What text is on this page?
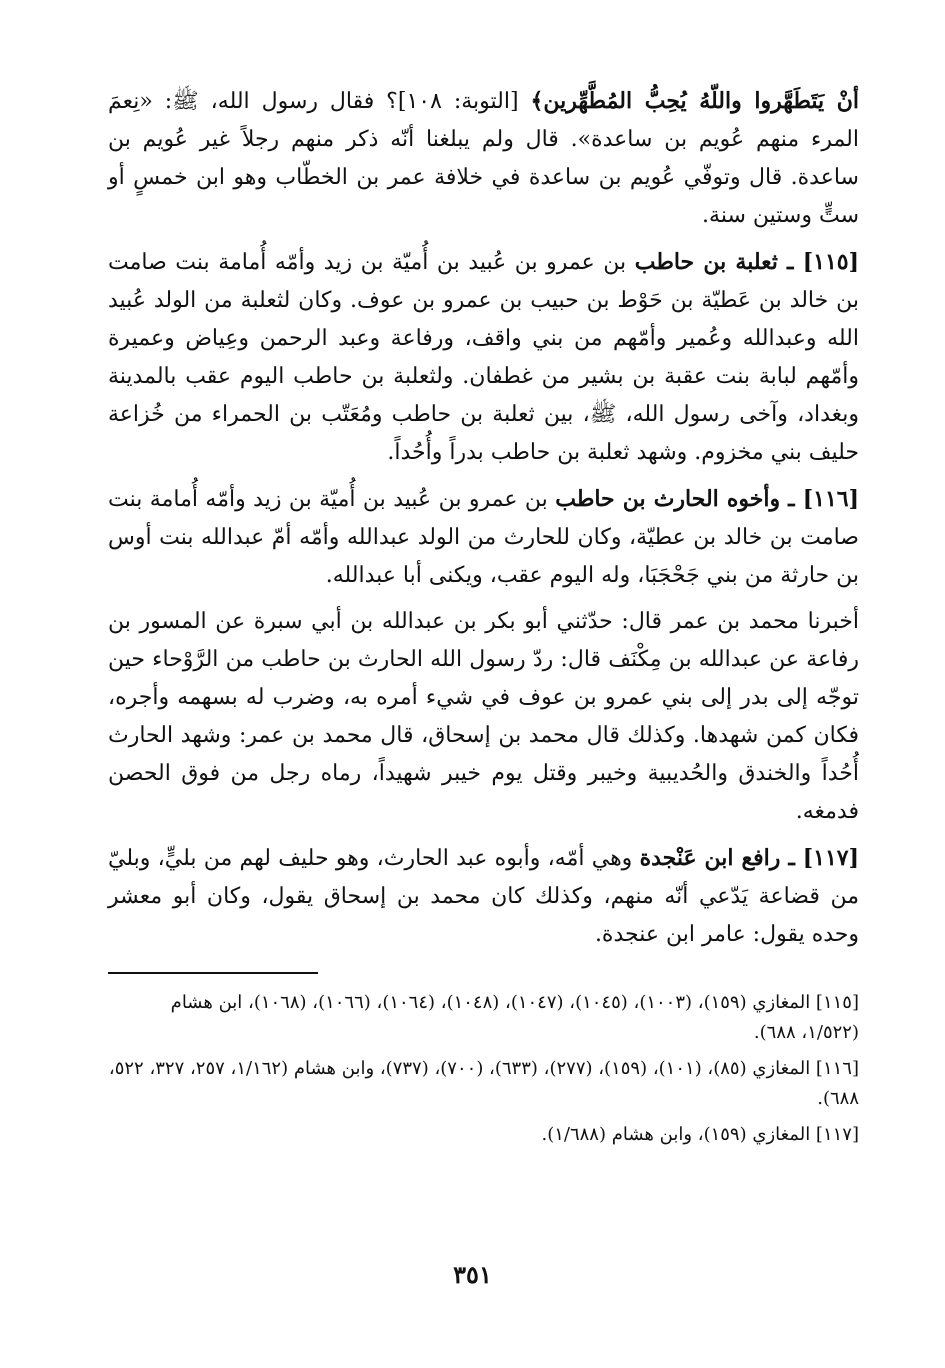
أنْ يَتَطَهَّروا واللّهُ يُحِبُّ المُطَّهِّرين﴾ [التوبة: ١٠٨]؟ فقال رسول الله، ﷺ: «نِعمَ المرء منهم عُويم بن ساعدة». قال ولم يبلغنا أنّه ذكر منهم رجلاً غير عُويم بن ساعدة. قال وتوفّي عُويم بن ساعدة في خلافة عمر بن الخطّاب وهو ابن خمسٍ أو ستٍّ وستين سنة.

[١١٥] ـ ثعلبة بن حاطب بن عمرو بن عُبيد بن أُميّة بن زيد وأمّه أُمامة بنت صامت بن خالد بن عَطيّة بن حَوْط بن حبيب بن عمرو بن عوف. وكان لثعلبة من الولد عُبيد الله وعبدالله وعُمير وأمّهم من بني واقف، ورفاعة وعبد الرحمن وعِياض وعميرة وأمّهم لبابة بنت عقبة بن بشير من غطفان. ولثعلبة بن حاطب اليوم عقب بالمدينة وبغداد، وآخى رسول الله، ﷺ، بين ثعلبة بن حاطب ومُعَتّب بن الحمراء من خُزاعة حليف بني مخزوم. وشهد ثعلبة بن حاطب بدراً وأُحُداً.

[١١٦] ـ وأخوه الحارث بن حاطب بن عمرو بن عُبيد بن أُميّة بن زيد وأمّه أُمامة بنت صامت بن خالد بن عطيّة، وكان للحارث من الولد عبدالله وأمّه أمّ عبدالله بنت أوس بن حارثة من بني جَحْجَبَا، وله اليوم عقب، ويكنى أبا عبدالله.

أخبرنا محمد بن عمر قال: حدّثني أبو بكر بن عبدالله بن أبي سبرة عن المسور بن رفاعة عن عبدالله بن مِكْنَف قال: ردّ رسول الله الحارث بن حاطب من الرَّوْحاء حين توجّه إلى بدر إلى بني عمرو بن عوف في شيء أمره به، وضرب له بسهمه وأجره، فكان كمن شهدها. وكذلك قال محمد بن إسحاق، قال محمد بن عمر: وشهد الحارث أُحُداً والخندق والحُديبية وخيبر وقتل يوم خيبر شهيداً، رماه رجل من فوق الحصن فدمغه.

[١١٧] ـ رافع ابن عَنْجدة وهي أمّه، وأبوه عبد الحارث، وهو حليف لهم من بليٍّ، وبليّ من قضاعة يَدّعي أنّه منهم، وكذلك كان محمد بن إسحاق يقول، وكان أبو معشر وحده يقول: عامر ابن عنجدة.

[١١٥] المغازي (١٥٩)، (١٠٠٣)، (١٠٤٥)، (١٠٤٧)، (١٠٤٨)، (١٠٦٤)، (١٠٦٦)، (١٠٦٨)، ابن هشام (١/٥٢٢، ٦٨٨).

[١١٦] المغازي (٨٥)، (١٠١)، (١٥٩)، (٢٧٧)، (٦٣٣)، (٧٠٠)، (٧٣٧)، وابن هشام (١/١٦٢، ٢٥٧، ٣٢٧، ٥٢٢، ٦٨٨).

[١١٧] المغازي (١٥٩)، وابن هشام (١/٦٨٨).

٣٥١
